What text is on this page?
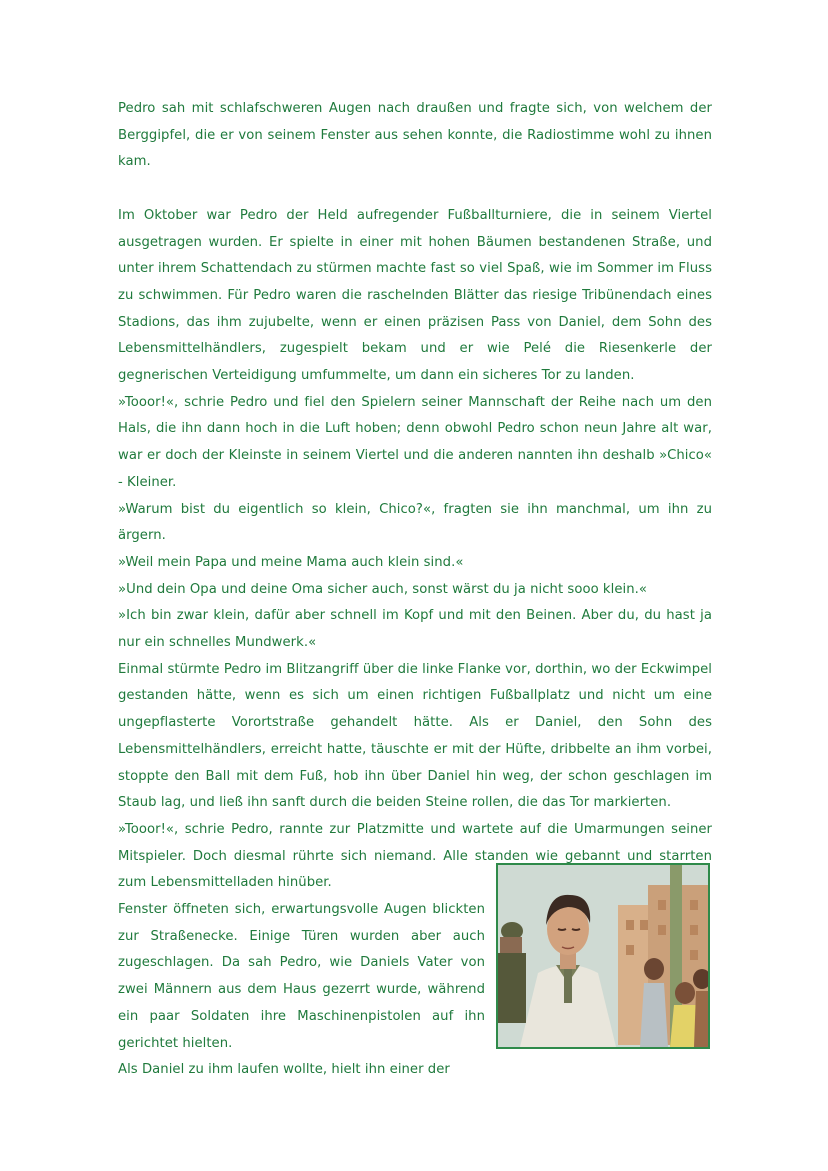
Pedro sah mit schlafschweren Augen nach draußen und fragte sich, von welchem der Berggipfel, die er von seinem Fenster aus sehen konnte, die Radiostimme wohl zu ihnen kam.

Im Oktober war Pedro der Held aufregender Fußballturniere, die in seinem Viertel ausgetragen wurden. Er spielte in einer mit hohen Bäumen bestandenen Straße, und unter ihrem Schattendach zu stürmen machte fast so viel Spaß, wie im Sommer im Fluss zu schwimmen. Für Pedro waren die raschelnden Blätter das riesige Tribünendach eines Stadions, das ihm zujubelte, wenn er einen präzisen Pass von Daniel, dem Sohn des Lebensmittelhändlers, zugespielt bekam und er wie Pelé die Riesenkerle der gegnerischen Verteidigung umfummelte, um dann ein sicheres Tor zu landen.

»Tooor!«, schrie Pedro und fiel den Spielern seiner Mannschaft der Reihe nach um den Hals, die ihn dann hoch in die Luft hoben; denn obwohl Pedro schon neun Jahre alt war, war er doch der Kleinste in seinem Viertel und die anderen nannten ihn deshalb »Chico« - Kleiner.

»Warum bist du eigentlich so klein, Chico?«, fragten sie ihn manchmal, um ihn zu ärgern.

»Weil mein Papa und meine Mama auch klein sind.«

»Und dein Opa und deine Oma sicher auch, sonst wärst du ja nicht sooo klein.«

»Ich bin zwar klein, dafür aber schnell im Kopf und mit den Beinen. Aber du, du hast ja nur ein schnelles Mundwerk.«

Einmal stürmte Pedro im Blitzangriff über die linke Flanke vor, dorthin, wo der Eckwimpel gestanden hätte, wenn es sich um einen richtigen Fußballplatz und nicht um eine ungepflasterte Vorortstraße gehandelt hätte. Als er Daniel, den Sohn des Lebensmittelhändlers, erreicht hatte, täuschte er mit der Hüfte, dribbelte an ihm vorbei, stoppte den Ball mit dem Fuß, hob ihn über Daniel hin weg, der schon geschlagen im Staub lag, und ließ ihn sanft durch die beiden Steine rollen, die das Tor markierten.

»Tooor!«, schrie Pedro, rannte zur Platzmitte und wartete auf die Umarmungen seiner Mitspieler. Doch diesmal rührte sich niemand. Alle standen wie gebannt und starrten zum Lebensmittelladen hinüber.

Fenster öffneten sich, erwartungsvolle Augen blickten zur Straßenecke. Einige Türen wurden aber auch zugeschlagen. Da sah Pedro, wie Daniels Vater von zwei Männern aus dem Haus gezerrt wurde, während ein paar Soldaten ihre Maschinenpistolen auf ihn gerichtet hielten.

Als Daniel zu ihm laufen wollte, hielt ihn einer der
